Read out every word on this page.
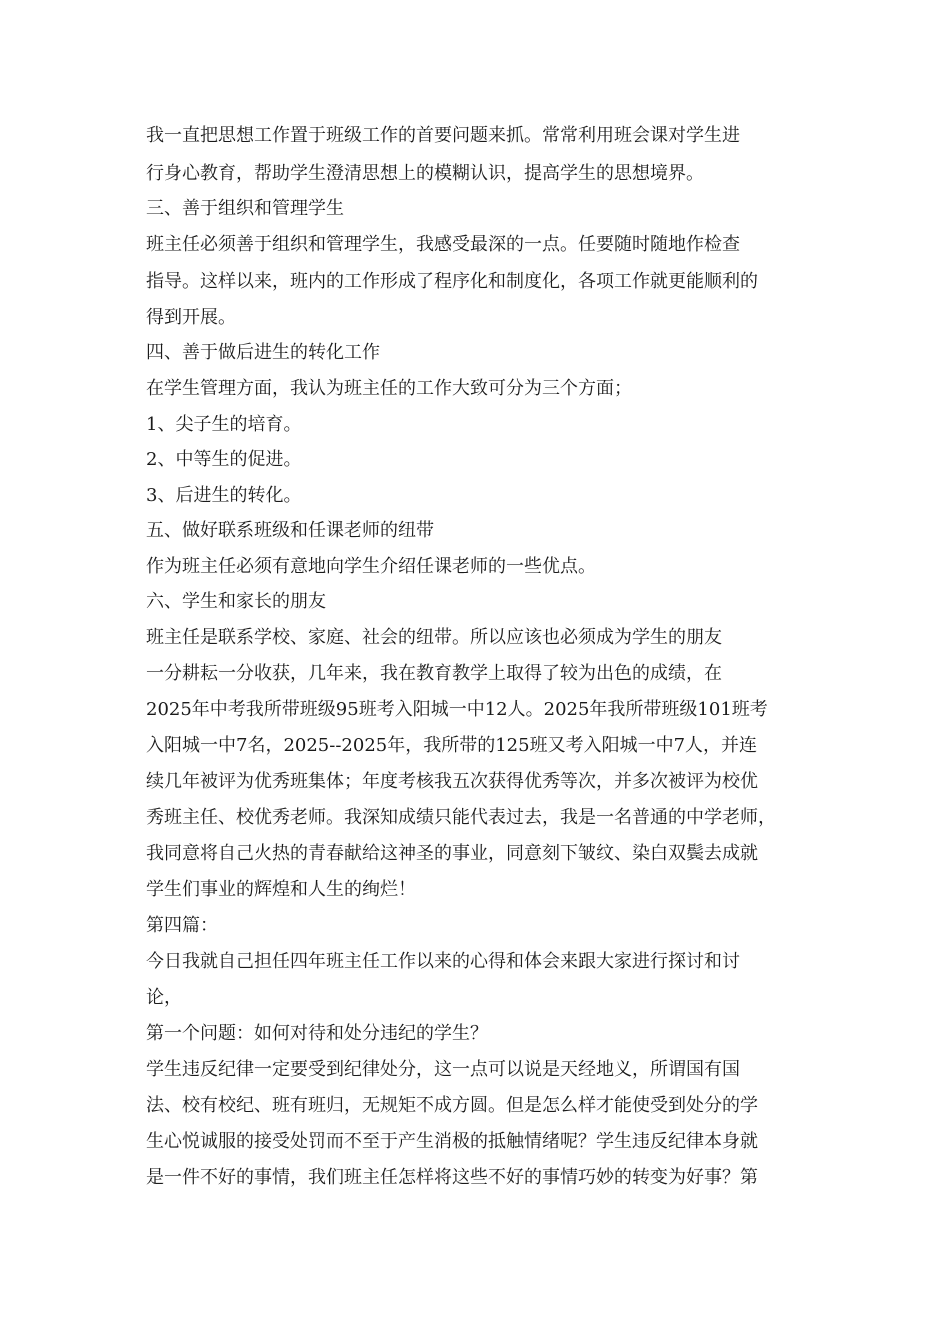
我一直把思想工作置于班级工作的首要问题来抓。常常利用班会课对学生进
行身心教育，帮助学生澄清思想上的模糊认识，提高学生的思想境界。
三、善于组织和管理学生
班主任必须善于组织和管理学生，我感受最深的一点。任要随时随地作检查
指导。这样以来，班内的工作形成了程序化和制度化，各项工作就更能顺利的
得到开展。
四、善于做后进生的转化工作
在学生管理方面，我认为班主任的工作大致可分为三个方面；
1、尖子生的培育。
2、中等生的促进。
3、后进生的转化。
五、做好联系班级和任课老师的纽带
作为班主任必须有意地向学生介绍任课老师的一些优点。
六、学生和家长的朋友
班主任是联系学校、家庭、社会的纽带。所以应该也必须成为学生的朋友
一分耕耘一分收获，几年来，我在教育教学上取得了较为出色的成绩，在
2025年中考我所带班级95班考入阳城一中12人。2025年我所带班级101班考
入阳城一中7名，2025--2025年，我所带的125班又考入阳城一中7人，并连
续几年被评为优秀班集体；年度考核我五次获得优秀等次，并多次被评为校优
秀班主任、校优秀老师。我深知成绩只能代表过去，我是一名普通的中学老师，
我同意将自己火热的青春献给这神圣的事业，同意刻下皱纹、染白双鬓去成就
学生们事业的辉煌和人生的绚烂！
第四篇：
今日我就自己担任四年班主任工作以来的心得和体会来跟大家进行探讨和讨
论，
第一个问题：如何对待和处分违纪的学生？
学生违反纪律一定要受到纪律处分，这一点可以说是天经地义，所谓国有国
法、校有校纪、班有班归，无规矩不成方圆。但是怎么样才能使受到处分的学
生心悦诚服的接受处罚而不至于产生消极的抵触情绪呢？学生违反纪律本身就
是一件不好的事情，我们班主任怎样将这些不好的事情巧妙的转变为好事？第
